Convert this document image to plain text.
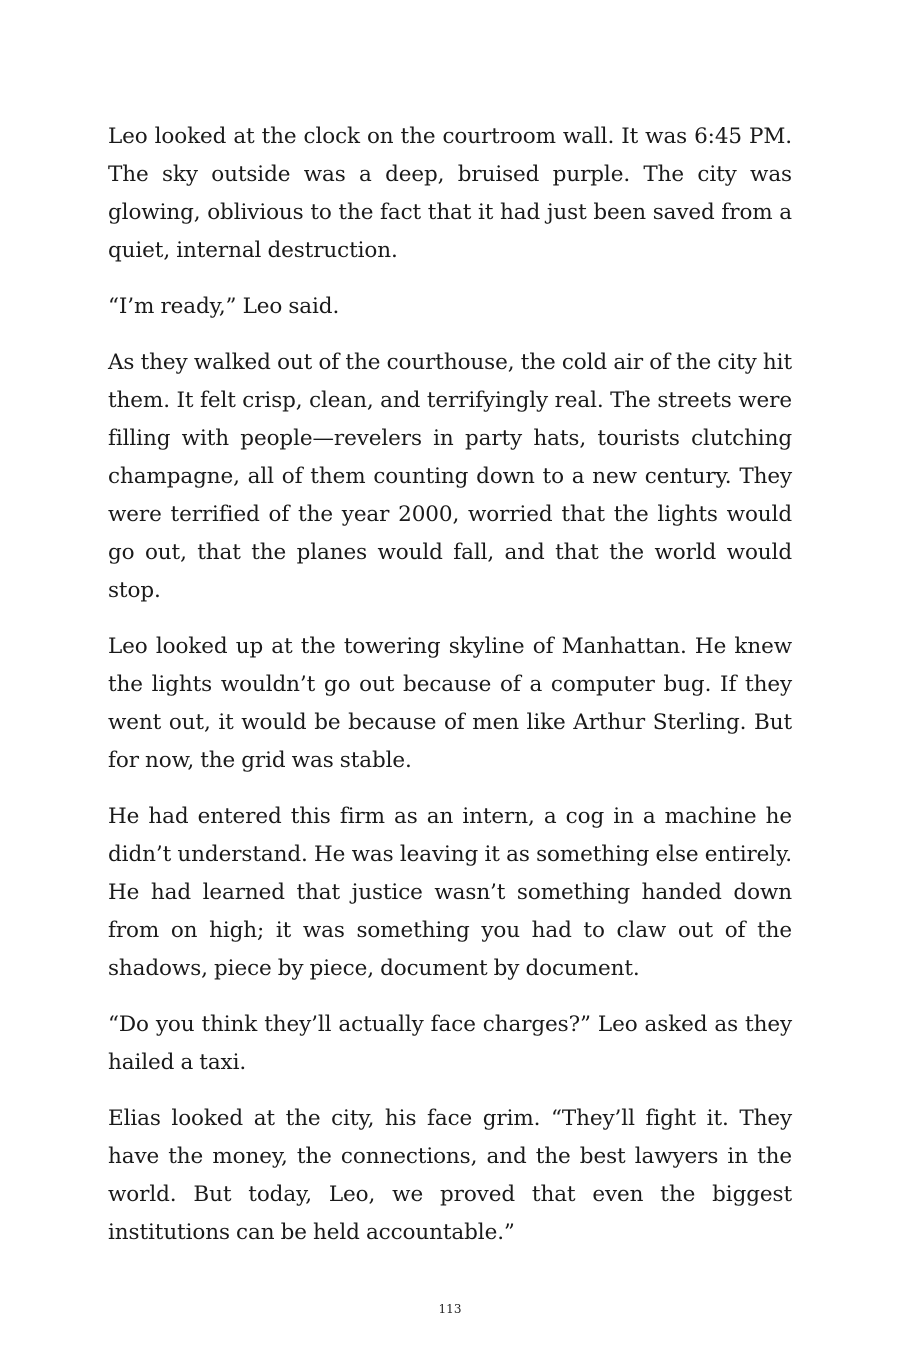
Leo looked at the clock on the courtroom wall. It was 6:45 PM. The sky outside was a deep, bruised purple. The city was glowing, oblivious to the fact that it had just been saved from a quiet, internal destruction.

“I’m ready,” Leo said.

As they walked out of the courthouse, the cold air of the city hit them. It felt crisp, clean, and terrifyingly real. The streets were filling with people—revelers in party hats, tourists clutching champagne, all of them counting down to a new century. They were terrified of the year 2000, worried that the lights would go out, that the planes would fall, and that the world would stop.

Leo looked up at the towering skyline of Manhattan. He knew the lights wouldn’t go out because of a computer bug. If they went out, it would be because of men like Arthur Sterling. But for now, the grid was stable.

He had entered this firm as an intern, a cog in a machine he didn’t understand. He was leaving it as something else entirely. He had learned that justice wasn’t something handed down from on high; it was something you had to claw out of the shadows, piece by piece, document by document.

“Do you think they’ll actually face charges?” Leo asked as they hailed a taxi.

Elias looked at the city, his face grim. “They’ll fight it. They have the money, the connections, and the best lawyers in the world. But today, Leo, we proved that even the biggest institutions can be held accountable.”

113
